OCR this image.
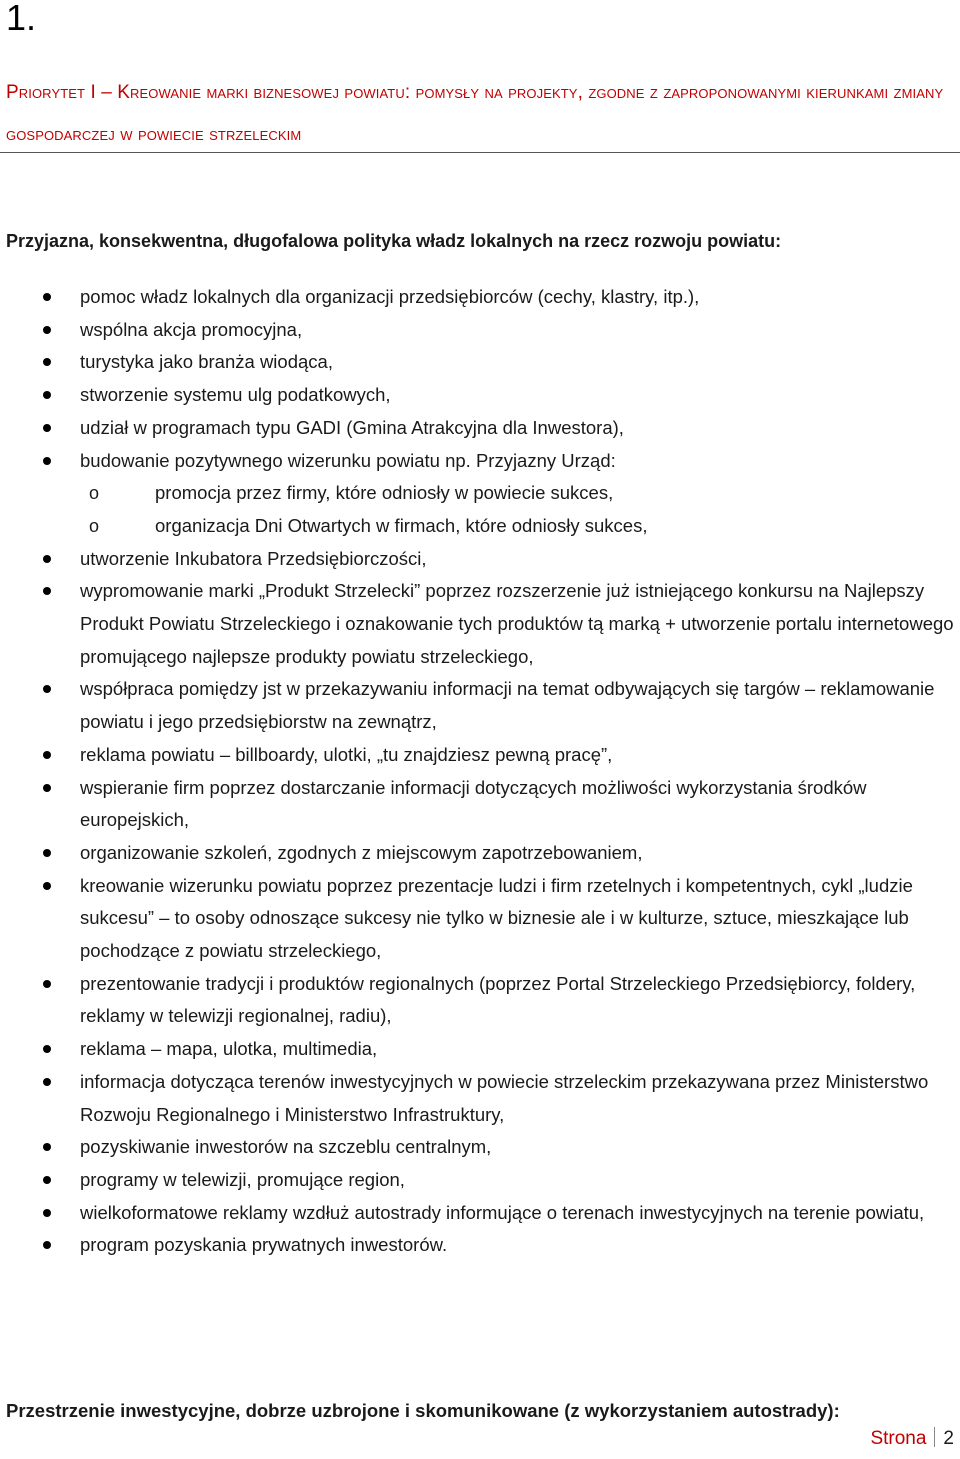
1.
Priorytet I – Kreowanie marki biznesowej powiatu: pomysły na projekty, zgodne z zaproponowanymi kierunkami zmiany gospodarczej w powiecie strzeleckim
Przyjazna, konsekwentna, długofalowa polityka władz lokalnych na rzecz rozwoju powiatu:
pomoc władz lokalnych dla organizacji przedsiębiorców (cechy, klastry, itp.),
wspólna akcja promocyjna,
turystyka jako branża wiodąca,
stworzenie systemu ulg podatkowych,
udział w programach typu GADI (Gmina Atrakcyjna dla Inwestora),
budowanie pozytywnego wizerunku powiatu np. Przyjazny Urząd:
o	promocja przez firmy, które odniosły w powiecie sukces,
o	organizacja Dni Otwartych w firmach, które odniosły sukces,
utworzenie Inkubatora Przedsiębiorczości,
wypromowanie marki „Produkt Strzelecki” poprzez rozszerzenie już istniejącego konkursu na Najlepszy Produkt Powiatu Strzeleckiego i oznakowanie tych produktów tą marką + utworzenie portalu internetowego promującego najlepsze produkty powiatu strzeleckiego,
współpraca pomiędzy jst w przekazywaniu informacji na temat odbywających się targów – reklamowanie powiatu i jego przedsiębiorstw na zewnątrz,
reklama powiatu – billboardy, ulotki, „tu znajdziesz pewną pracę”,
wspieranie firm poprzez dostarczanie informacji dotyczących możliwości wykorzystania środków europejskich,
organizowanie szkoleń, zgodnych z miejscowym zapotrzebowaniem,
kreowanie wizerunku powiatu poprzez prezentacje ludzi i firm rzetelnych i kompetentnych, cykl „ludzie sukcesu” – to osoby odnoszące sukcesy nie tylko w biznesie ale i w kulturze, sztuce, mieszkające lub pochodzące z powiatu strzeleckiego,
prezentowanie tradycji i produktów regionalnych (poprzez Portal Strzeleckiego Przedsiębiorcy, foldery, reklamy w telewizji regionalnej, radiu),
reklama – mapa, ulotka, multimedia,
informacja dotycząca terenów inwestycyjnych w powiecie strzeleckim przekazywana przez Ministerstwo Rozwoju Regionalnego i Ministerstwo Infrastruktury,
pozyskiwanie inwestorów na szczeblu centralnym,
programy w telewizji, promujące region,
wielkoformatowe reklamy wzdłuż autostrady informujące o terenach inwestycyjnych na terenie powiatu,
program pozyskania prywatnych inwestorów.
Przestrzenie inwestycyjne, dobrze uzbrojone i skomunikowane (z wykorzystaniem autostrady):
Strona 2
